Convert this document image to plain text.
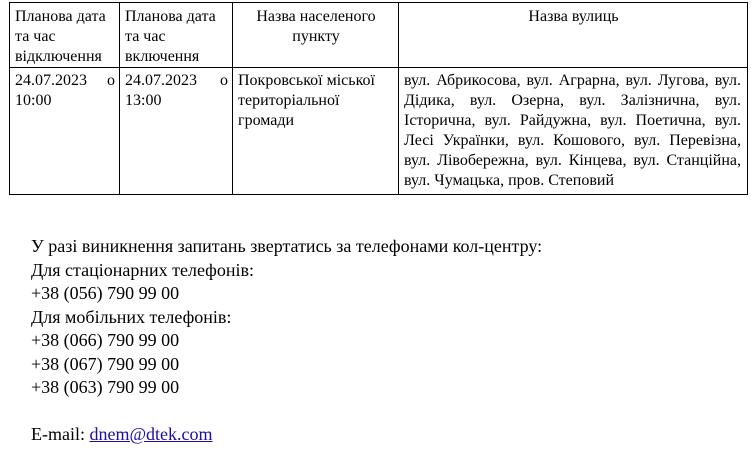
Планова дата та час відключення	Планова дата та час включення	Назва населеного пункту	Назва вулиць
24.07.2023 о 10:00	24.07.2023 о 13:00	Покровської міської територіальної громади	вул. Абрикосова, вул. Аграрна, вул. Лугова, вул. Дідика, вул. Озерна, вул. Залізнична, вул. Історична, вул. Райдужна, вул. Поетична, вул. Лесі Українки, вул. Кошового, вул. Перевізна, вул. Лівобережна, вул. Кінцева, вул. Станційна, вул. Чумацька, пров. Степовий
У разі виникнення запитань звертатись за телефонами кол-центру:
Для стаціонарних телефонів:
+38 (056) 790 99 00
Для мобільних телефонів:
+38 (066) 790 99 00
+38 (067) 790 99 00
+38 (063) 790 99 00
E-mail: dnem@dtek.com
